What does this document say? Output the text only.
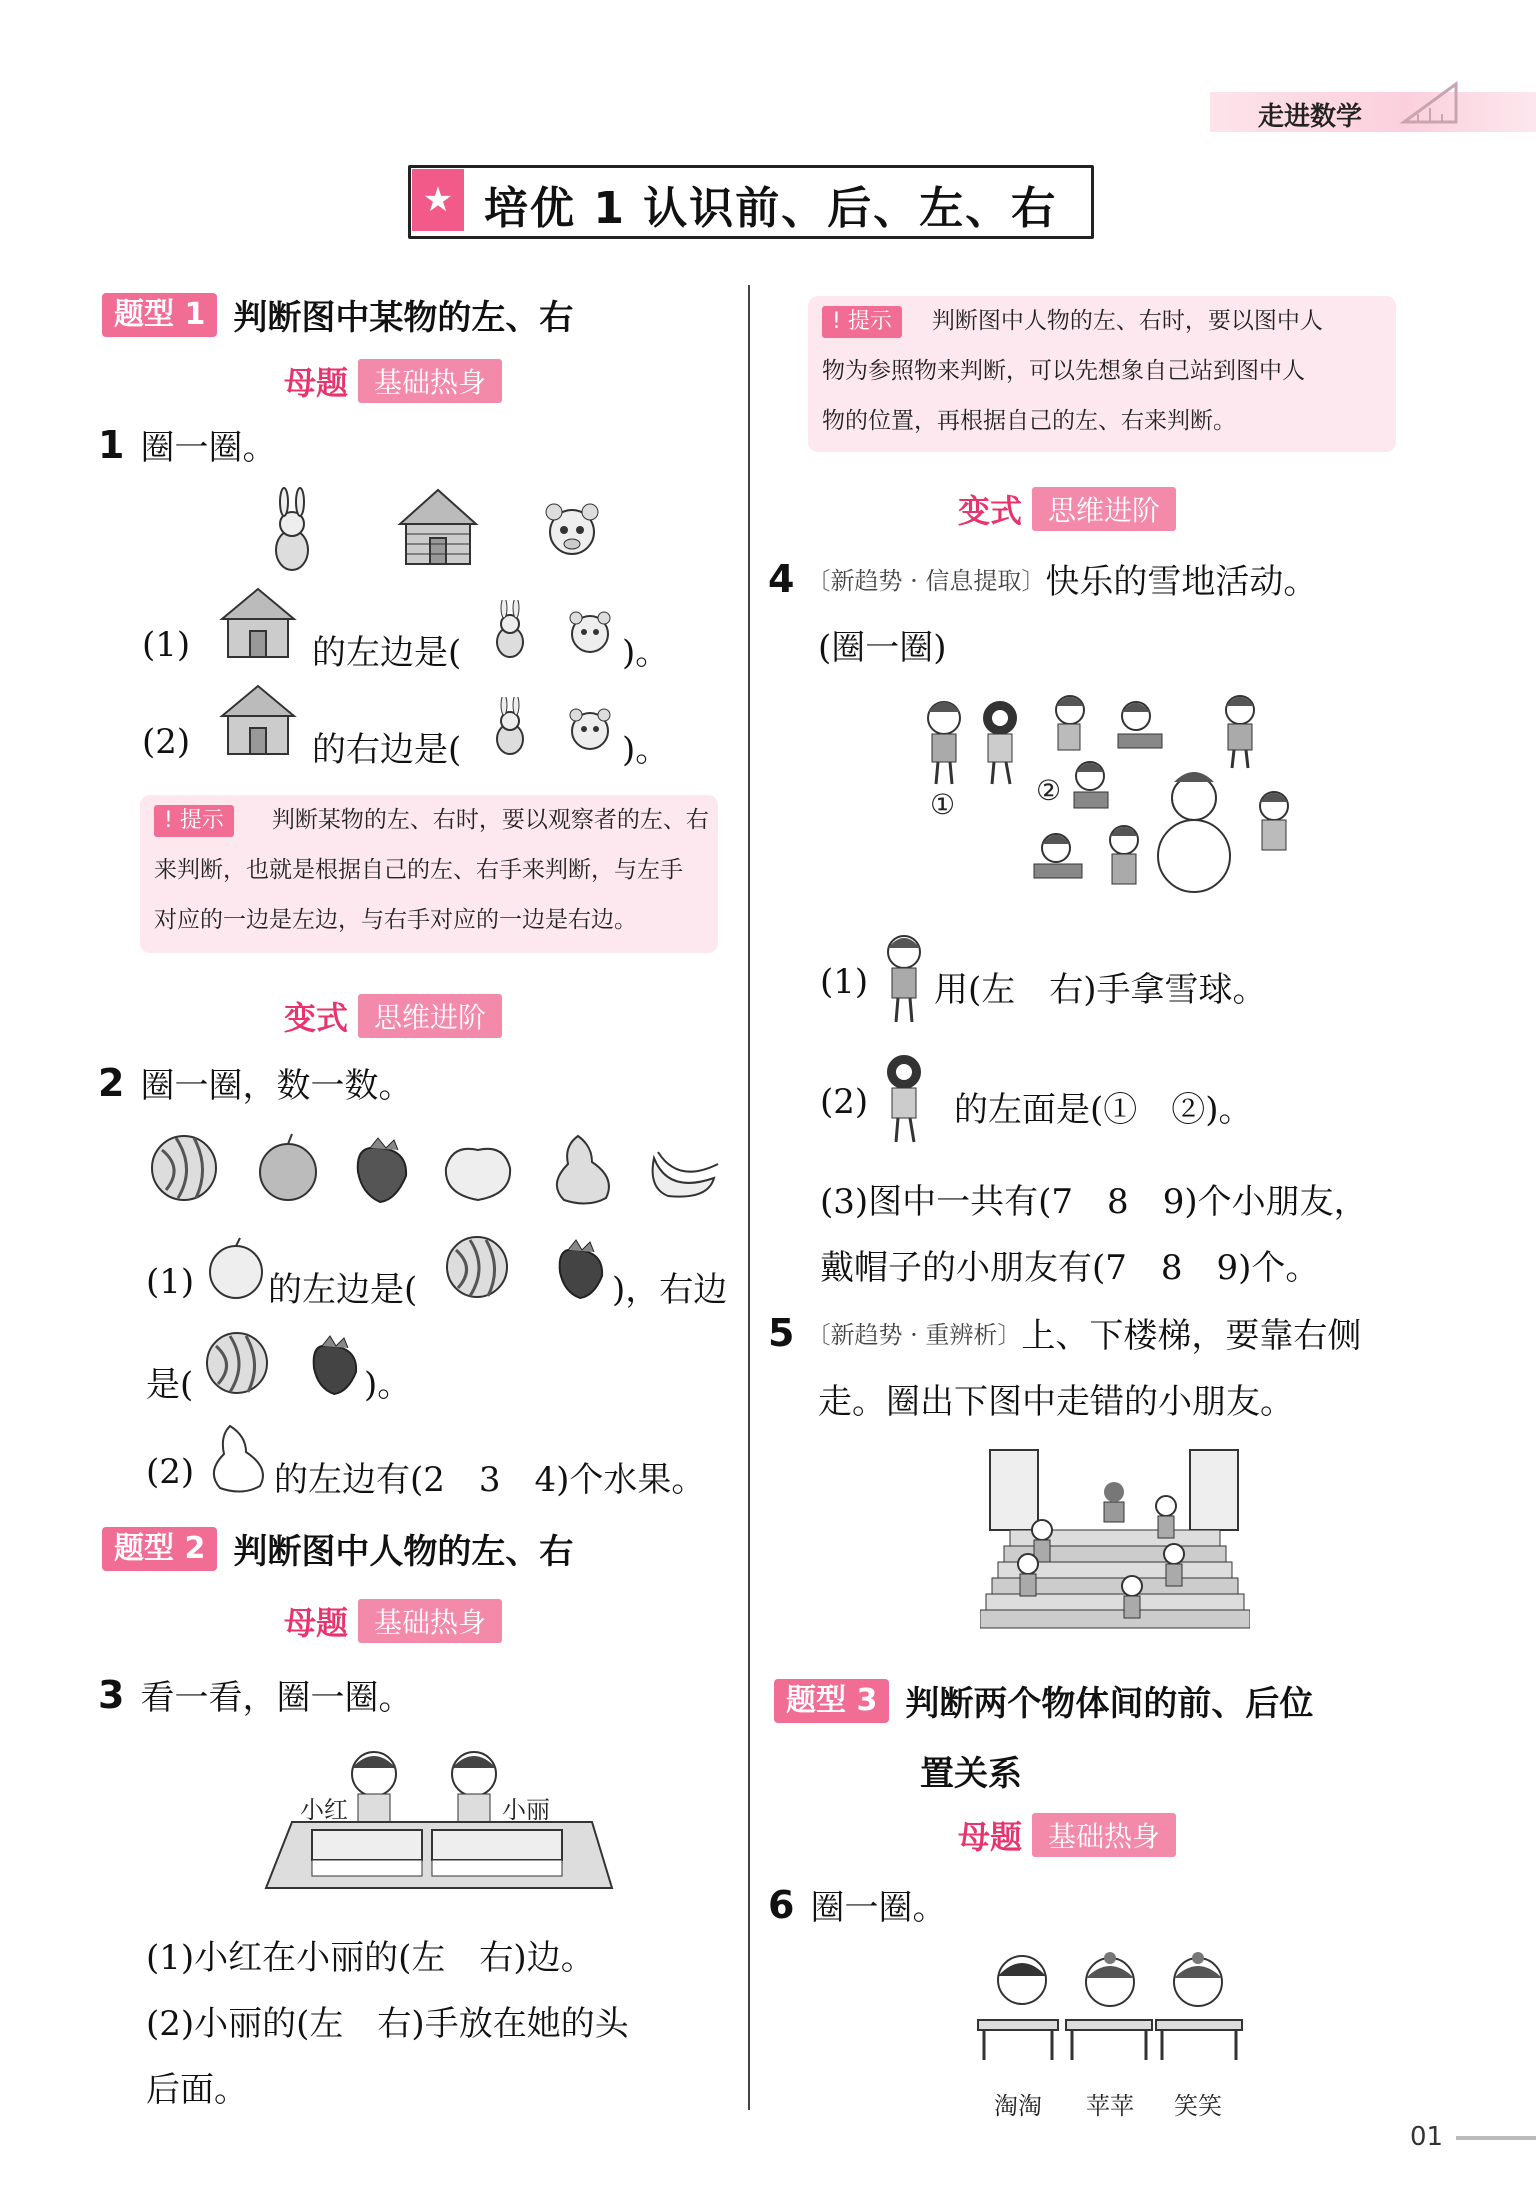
走进数学
★ 培优 1 认识前、后、左、右
题型 1 判断图中某物的左、右
母题 基础热身
1 圈一圈。
(1)	的左边是(	)。
(2)	的右边是(	)。
! 提示 判断某物的左、右时，要以观察者的左、右
来判断，也就是根据自己的左、右手来判断，与左手
对应的一边是左边，与右手对应的一边是右边。
变式 思维进阶
2 圈一圈，数一数。
(1) 的左边是(	)，右边
是(	)。
(2) 的左边有(2　3　4)个水果。
题型 2 判断图中人物的左、右
母题 基础热身
3 看一看，圈一圈。
小红	小丽
(1)小红在小丽的(左　右)边。
(2)小丽的(左　右)手放在她的头
后面。
! 提示 判断图中人物的左、右时，要以图中人
物为参照物来判断，可以先想象自己站到图中人
物的位置，再根据自己的左、右来判断。
变式 思维进阶
4 〔新趋势 · 信息提取〕 快乐的雪地活动。
(圈一圈)
①	②
(1) 用(左　右)手拿雪球。
(2)	的左面是(①　②)。
(3)图中一共有(7　8　9)个小朋友，
戴帽子的小朋友有(7　8　9)个。
5 〔新趋势 · 重辨析〕 上、下楼梯，要靠右侧
走。圈出下图中走错的小朋友。
题型 3 判断两个物体间的前、后位
置关系
母题 基础热身
6 圈一圈。
淘淘 苹苹 笑笑
01
